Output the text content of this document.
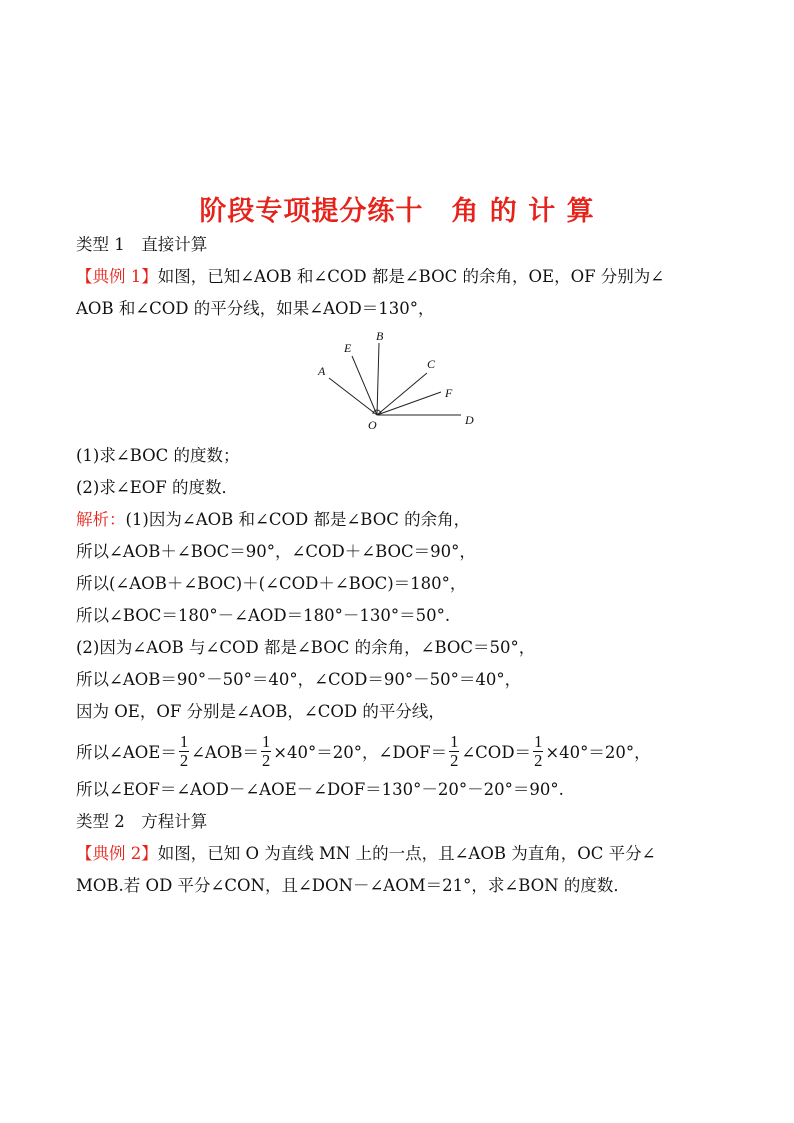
阶段专项提分练十　角 的 计 算
类型 1　直接计算
【典例 1】如图，已知∠AOB 和∠COD 都是∠BOC 的余角，OE，OF 分别为∠
AOB 和∠COD 的平分线，如果∠AOD＝130°，
A
E
B
C
F
D
O
(1)求∠BOC 的度数；
(2)求∠EOF 的度数．
解析：(1)因为∠AOB 和∠COD 都是∠BOC 的余角，
所以∠AOB＋∠BOC＝90°，∠COD＋∠BOC＝90°，
所以(∠AOB＋∠BOC)＋(∠COD＋∠BOC)＝180°，
所以∠BOC＝180°－∠AOD＝180°－130°＝50°.
(2)因为∠AOB 与∠COD 都是∠BOC 的余角，∠BOC＝50°，
所以∠AOB＝90°－50°＝40°，∠COD＝90°－50°＝40°，
因为 OE，OF 分别是∠AOB，∠COD 的平分线，
所以∠AOE＝ $\frac{1}{2}$ ∠AOB＝ $\frac{1}{2} \times 40^\circ=20^\circ$，∠DOF＝ $\frac{1}{2}$ ∠COD＝ $\frac{1}{2} \times 40^\circ=20^\circ$，
所以∠EOF＝∠AOD－∠AOE－∠DOF＝130°－20°－20°＝90°.
类型 2　方程计算
【典例 2】如图，已知 O 为直线 MN 上的一点，且∠AOB 为直角，OC 平分∠
MOB.若 OD 平分∠CON，且∠DON－∠AOM＝21°，求∠BON 的度数．
